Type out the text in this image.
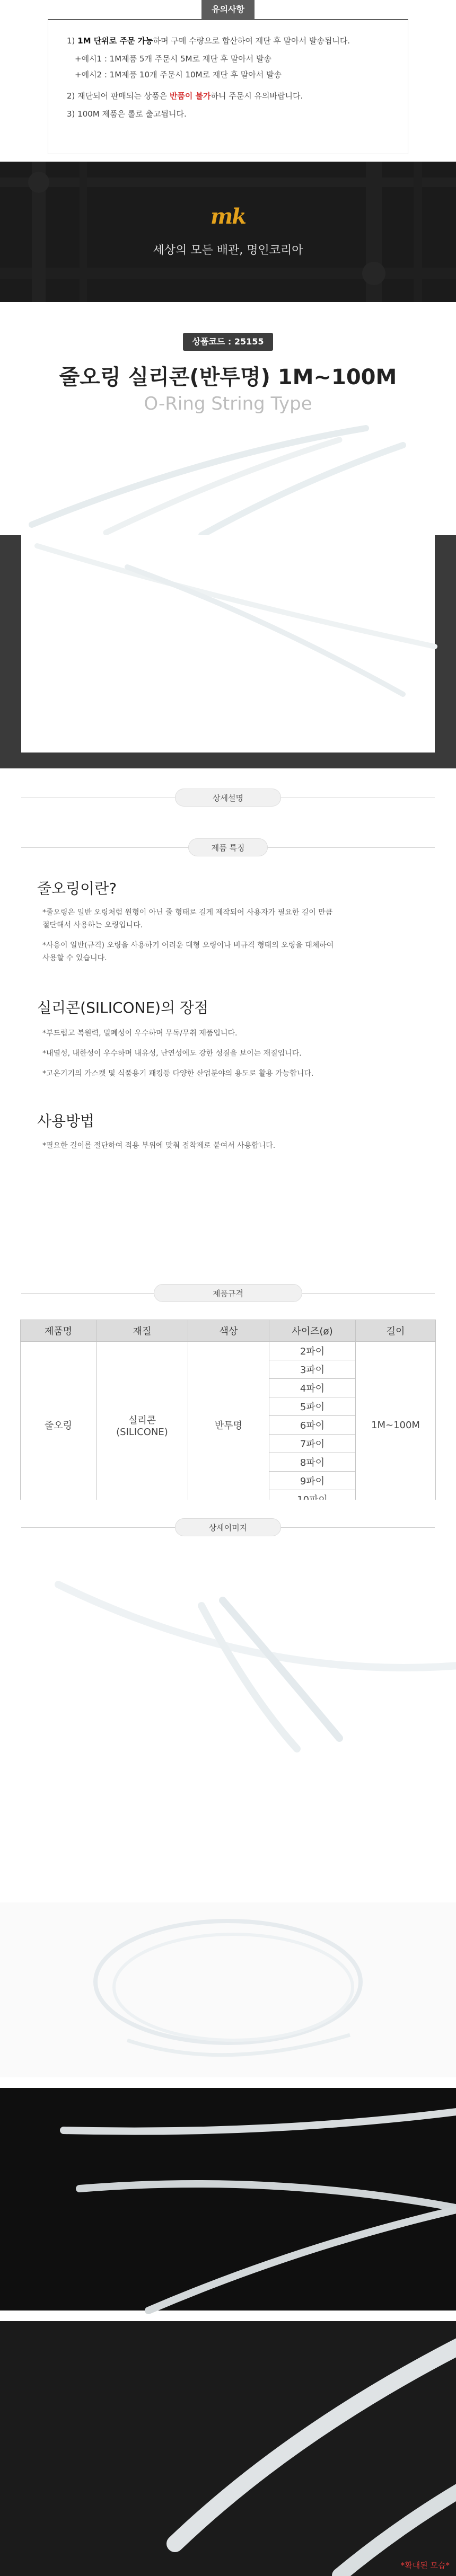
유의사항
1) 1M 단위로 주문 가능하며 구매 수량으로 합산하여 재단 후 말아서 발송됩니다.
+예시1 : 1M제품 5개 주문시 5M로 재단 후 말아서 발송
+예시2 : 1M제품 10개 주문시 10M로 재단 후 말아서 발송
2) 재단되어 판매되는 상품은 반품이 불가하니 주문시 유의바랍니다.
3) 100M 제품은 롤로 출고됩니다.
mk
세상의 모든 배관, 명인코리아
상품코드 : 25155
줄오링 실리콘(반투명) 1M~100M
O-Ring String Type
상세설명
제품 특징
줄오링이란?
*줄오링은 일반 오링처럼 원형이 아닌 줄 형태로 길게 제작되어 사용자가 필요한 길이 만큼
절단해서 사용하는 오링입니다.
*사용이 일반(규격) 오링을 사용하기 어려운 대형 오링이나 비규격 형태의 오링을 대체하여
사용할 수 있습니다.
실리콘(SILICONE)의 장점
*부드럽고 복원력, 밀폐성이 우수하며 무독/무취 제품입니다.
*내열성, 내한성이 우수하며 내유성, 난연성에도 강한 성질을 보이는 재질입니다.
*고온기기의 가스켓 및 식품용기 패킹등 다양한 산업분야의 용도로 활용 가능합니다.
사용방법
*필요한 길이를 절단하여 적용 부위에 맞춰 접착제로 붙여서 사용합니다.
제품규격
제품명	재질	색상	사이즈(ø)	길이
줄오링	실리콘
(SILICONE)	반투명	2파이	1M~100M
			3파이	
			4파이	
			5파이	
			6파이	
			7파이	
			8파이	
			9파이	

상세이미지
*확대된 모습*
